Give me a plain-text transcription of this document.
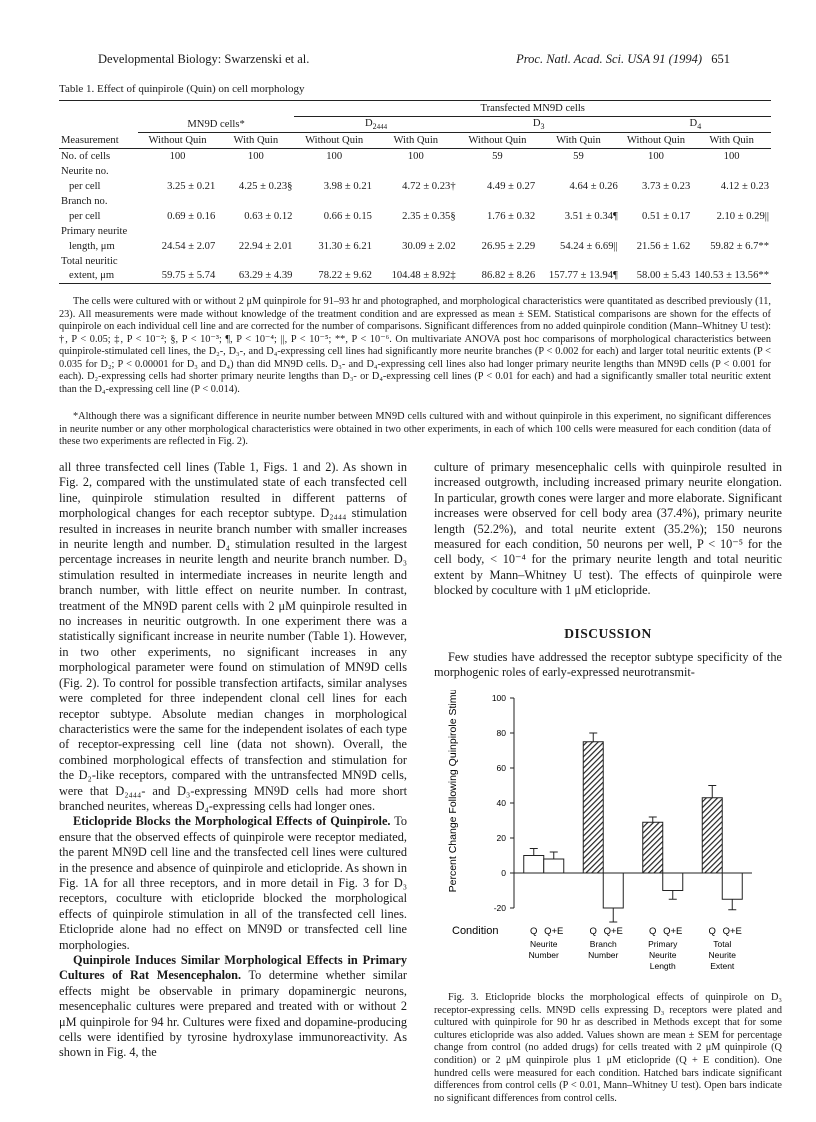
Developmental Biology: Swarzenski et al.	Proc. Natl. Acad. Sci. USA 91 (1994) 651
Table 1. Effect of quinpirole (Quin) on cell morphology
			Transfected MN9D cells					
	MN9D cells*		$D_{2444}$		$D_3$		$D_4$
Measurement	Without Quin	With Quin	Without Quin	With Quin	Without Quin	With Quin	Without Quin	With Quin
No. of cells	100	100	100	100	59	59	100	100
Neurite no.								
per cell	3.25 ± 0.21	4.25 ± 0.23§	3.98 ± 0.21	4.72 ± 0.23†	4.49 ± 0.27	4.64 ± 0.26	3.73 ± 0.23	4.12 ± 0.23
Branch no.								
per cell	0.69 ± 0.16	0.63 ± 0.12	0.66 ± 0.15	2.35 ± 0.35§	1.76 ± 0.32	3.51 ± 0.34¶	0.51 ± 0.17	2.10 ± 0.29||
Primary neurite								
length, μm	24.54 ± 2.07	22.94 ± 2.01	31.30 ± 6.21	30.09 ± 2.02	26.95 ± 2.29	54.24 ± 6.69||	21.56 ± 1.62	59.82 ± 6.7**
Total neuritic								
extent, μm	59.75 ± 5.74	63.29 ± 4.39	78.22 ± 9.62	104.48 ± 8.92‡	86.82 ± 8.26	157.77 ± 13.94¶	58.00 ± 5.43	140.53 ± 13.56**

The cells were cultured with or without 2 μM quinpirole for 91–93 hr and photographed, and morphological characteristics were quantitated as described previously (11, 23). All measurements were made without knowledge of the treatment condition and are expressed as mean ± SEM. Statistical comparisons are shown for the effects of quinpirole on each individual cell line and are corrected for the number of comparisons. Significant differences from no added quinpirole condition (Mann–Whitney U test): †, P < 0.05; ‡, P < 10⁻²; §, P < 10⁻³; ¶, P < 10⁻⁴; ||, P < 10⁻⁵; **, P < 10⁻⁶. On multivariate ANOVA post hoc comparisons of morphological characteristics between quinpirole-stimulated cell lines, the D₂-, D₃-, and D₄-expressing cell lines had significantly more neurite branches (P < 0.002 for each) and larger total neuritic extents (P < 0.035 for D₂; P < 0.00001 for D₃ and D₄) than did MN9D cells. D₃- and D₄-expressing cell lines also had longer primary neurite lengths than MN9D cells (P < 0.001 for each). D₂-expressing cells had shorter primary neurite lengths than D₃- or D₄-expressing cell lines (P < 0.01 for each) and had a significantly smaller total neuritic extent than the D₄-expressing cell line (P < 0.014).

*Although there was a significant difference in neurite number between MN9D cells cultured with and without quinpirole in this experiment, no significant differences in neurite number or any other morphological characteristics were obtained in two other experiments, in each of which 100 cells were measured for each condition (data of these two experiments are reflected in Fig. 2).

all three transfected cell lines (Table 1, Figs. 1 and 2). As shown in Fig. 2, compared with the unstimulated state of each transfected cell line, quinpirole stimulation resulted in different patterns of morphological changes for each receptor subtype. D₂₄₄₄ stimulation resulted in increases in neurite branch number with smaller increases in neurite length and number. D₄ stimulation resulted in the largest percentage increases in neurite length and neurite branch number. D₃ stimulation resulted in intermediate increases in neurite length and branch number, with little effect on neurite number. In contrast, treatment of the MN9D parent cells with 2 μM quinpirole resulted in no increases in neuritic outgrowth. In one experiment there was a statistically significant increase in neurite number (Table 1). However, in two other experiments, no significant increases in any morphological parameter were found on stimulation of MN9D cells (Fig. 2). To control for possible transfection artifacts, similar analyses were completed for three independent clonal cell lines for each receptor subtype. Absolute median changes in morphological characteristics were the same for the independent isolates of each type of receptor-expressing cell line (data not shown). Overall, the combined morphological effects of transfection and stimulation for the D₂-like receptors, compared with the untransfected MN9D cells, were that D₂₄₄₄- and D₃-expressing MN9D cells had more short branched neurites, whereas D₄-expressing cells had longer ones.

Eticlopride Blocks the Morphological Effects of Quinpirole. To ensure that the observed effects of quinpirole were receptor mediated, the parent MN9D cell line and the transfected cell lines were cultured in the presence and absence of quinpirole and eticlopride. As shown in Fig. 1A for all three receptors, and in more detail in Fig. 3 for D₃ receptors, coculture with eticlopride blocked the morphological effects of quinpirole stimulation in all of the transfected cell lines. Eticlopride alone had no effect on MN9D or transfected cell line morphologies.

Quinpirole Induces Similar Morphological Effects in Primary Cultures of Rat Mesencephalon. To determine whether similar effects might be observable in primary dopaminergic neurons, mesencephalic cultures were prepared and treated with or without 2 μM quinpirole for 94 hr. Cultures were fixed and dopamine-producing cells were identified by tyrosine hydroxylase immunoreactivity. As shown in Fig. 4, the

culture of primary mesencephalic cells with quinpirole resulted in increased outgrowth, including increased primary neurite elongation. In particular, growth cones were larger and more elaborate. Significant increases were observed for cell body area (37.4%), primary neurite length (52.2%), and total neurite extent (35.2%); 150 neurons measured for each condition, 50 neurons per well, P < 10⁻⁵ for the cell body, < 10⁻⁴ for the primary neurite length and total neuritic extent by Mann–Whitney U test). The effects of quinpirole were blocked by coculture with 1 μM eticlopride.

DISCUSSION

Few studies have addressed the receptor subtype specificity of the morphogenic roles of early-expressed neurotransmit-

Percent Change Following Quinpirole Stimulation
Condition
100
80
60
40
20
0
-20
Q Q+E
Neurite
Number
Q Q+E
Branch
Number
Q Q+E
Primary
Neurite
Length
Q Q+E
Total
Neurite
Extent

Fig. 3. Eticlopride blocks the morphological effects of quinpirole on D₃ receptor-expressing cells. MN9D cells expressing D₃ receptors were plated and cultured with quinpirole for 90 hr as described in Methods except that for some cultures eticlopride was also added. Values shown are mean ± SEM for percentage change from control (no added drugs) for cells treated with 2 μM quinpirole (Q condition) or 2 μM quinpirole plus 1 μM eticlopride (Q + E condition). One hundred cells were measured for each condition. Hatched bars indicate significant differences from control cells (P < 0.01, Mann–Whitney U test). Open bars indicate no significant differences from control cells.
